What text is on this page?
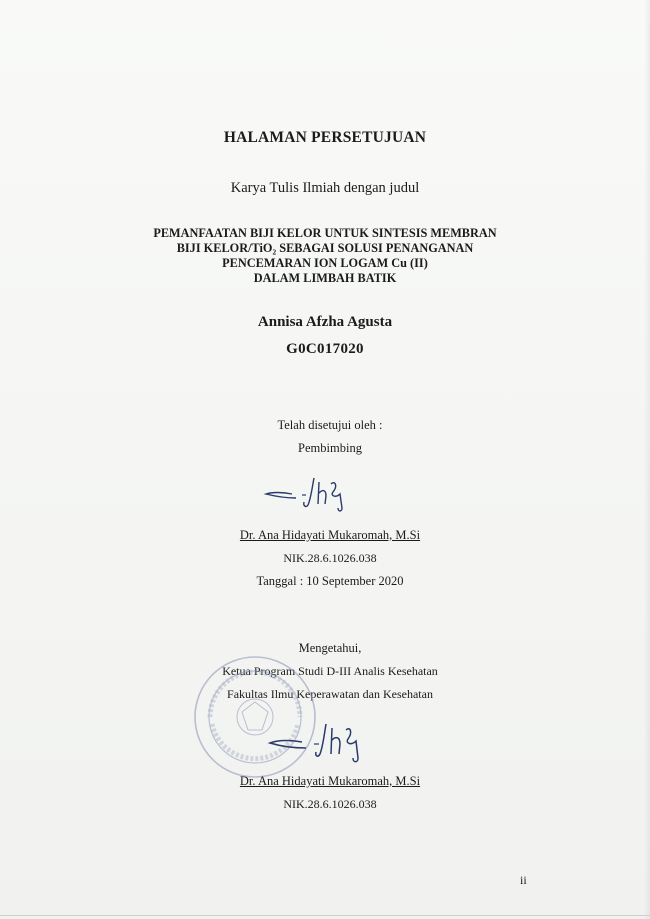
HALAMAN PERSETUJUAN
Karya Tulis Ilmiah dengan judul
PEMANFAATAN BIJI KELOR UNTUK SINTESIS MEMBRAN
BIJI KELOR/TiO₂ SEBAGAI SOLUSI PENANGANAN
PENCEMARAN ION LOGAM Cu (II)
DALAM LIMBAH BATIK
Annisa Afzha Agusta
G0C017020
Telah disetujui oleh :
Pembimbing
Dr. Ana Hidayati Mukaromah, M.Si
NIK.28.6.1026.038
Tanggal : 10 September 2020
Mengetahui,
Ketua Program Studi D-III Analis Kesehatan
Fakultas Ilmu Keperawatan dan Kesehatan
Dr. Ana Hidayati Mukaromah, M.Si
NIK.28.6.1026.038
ii
